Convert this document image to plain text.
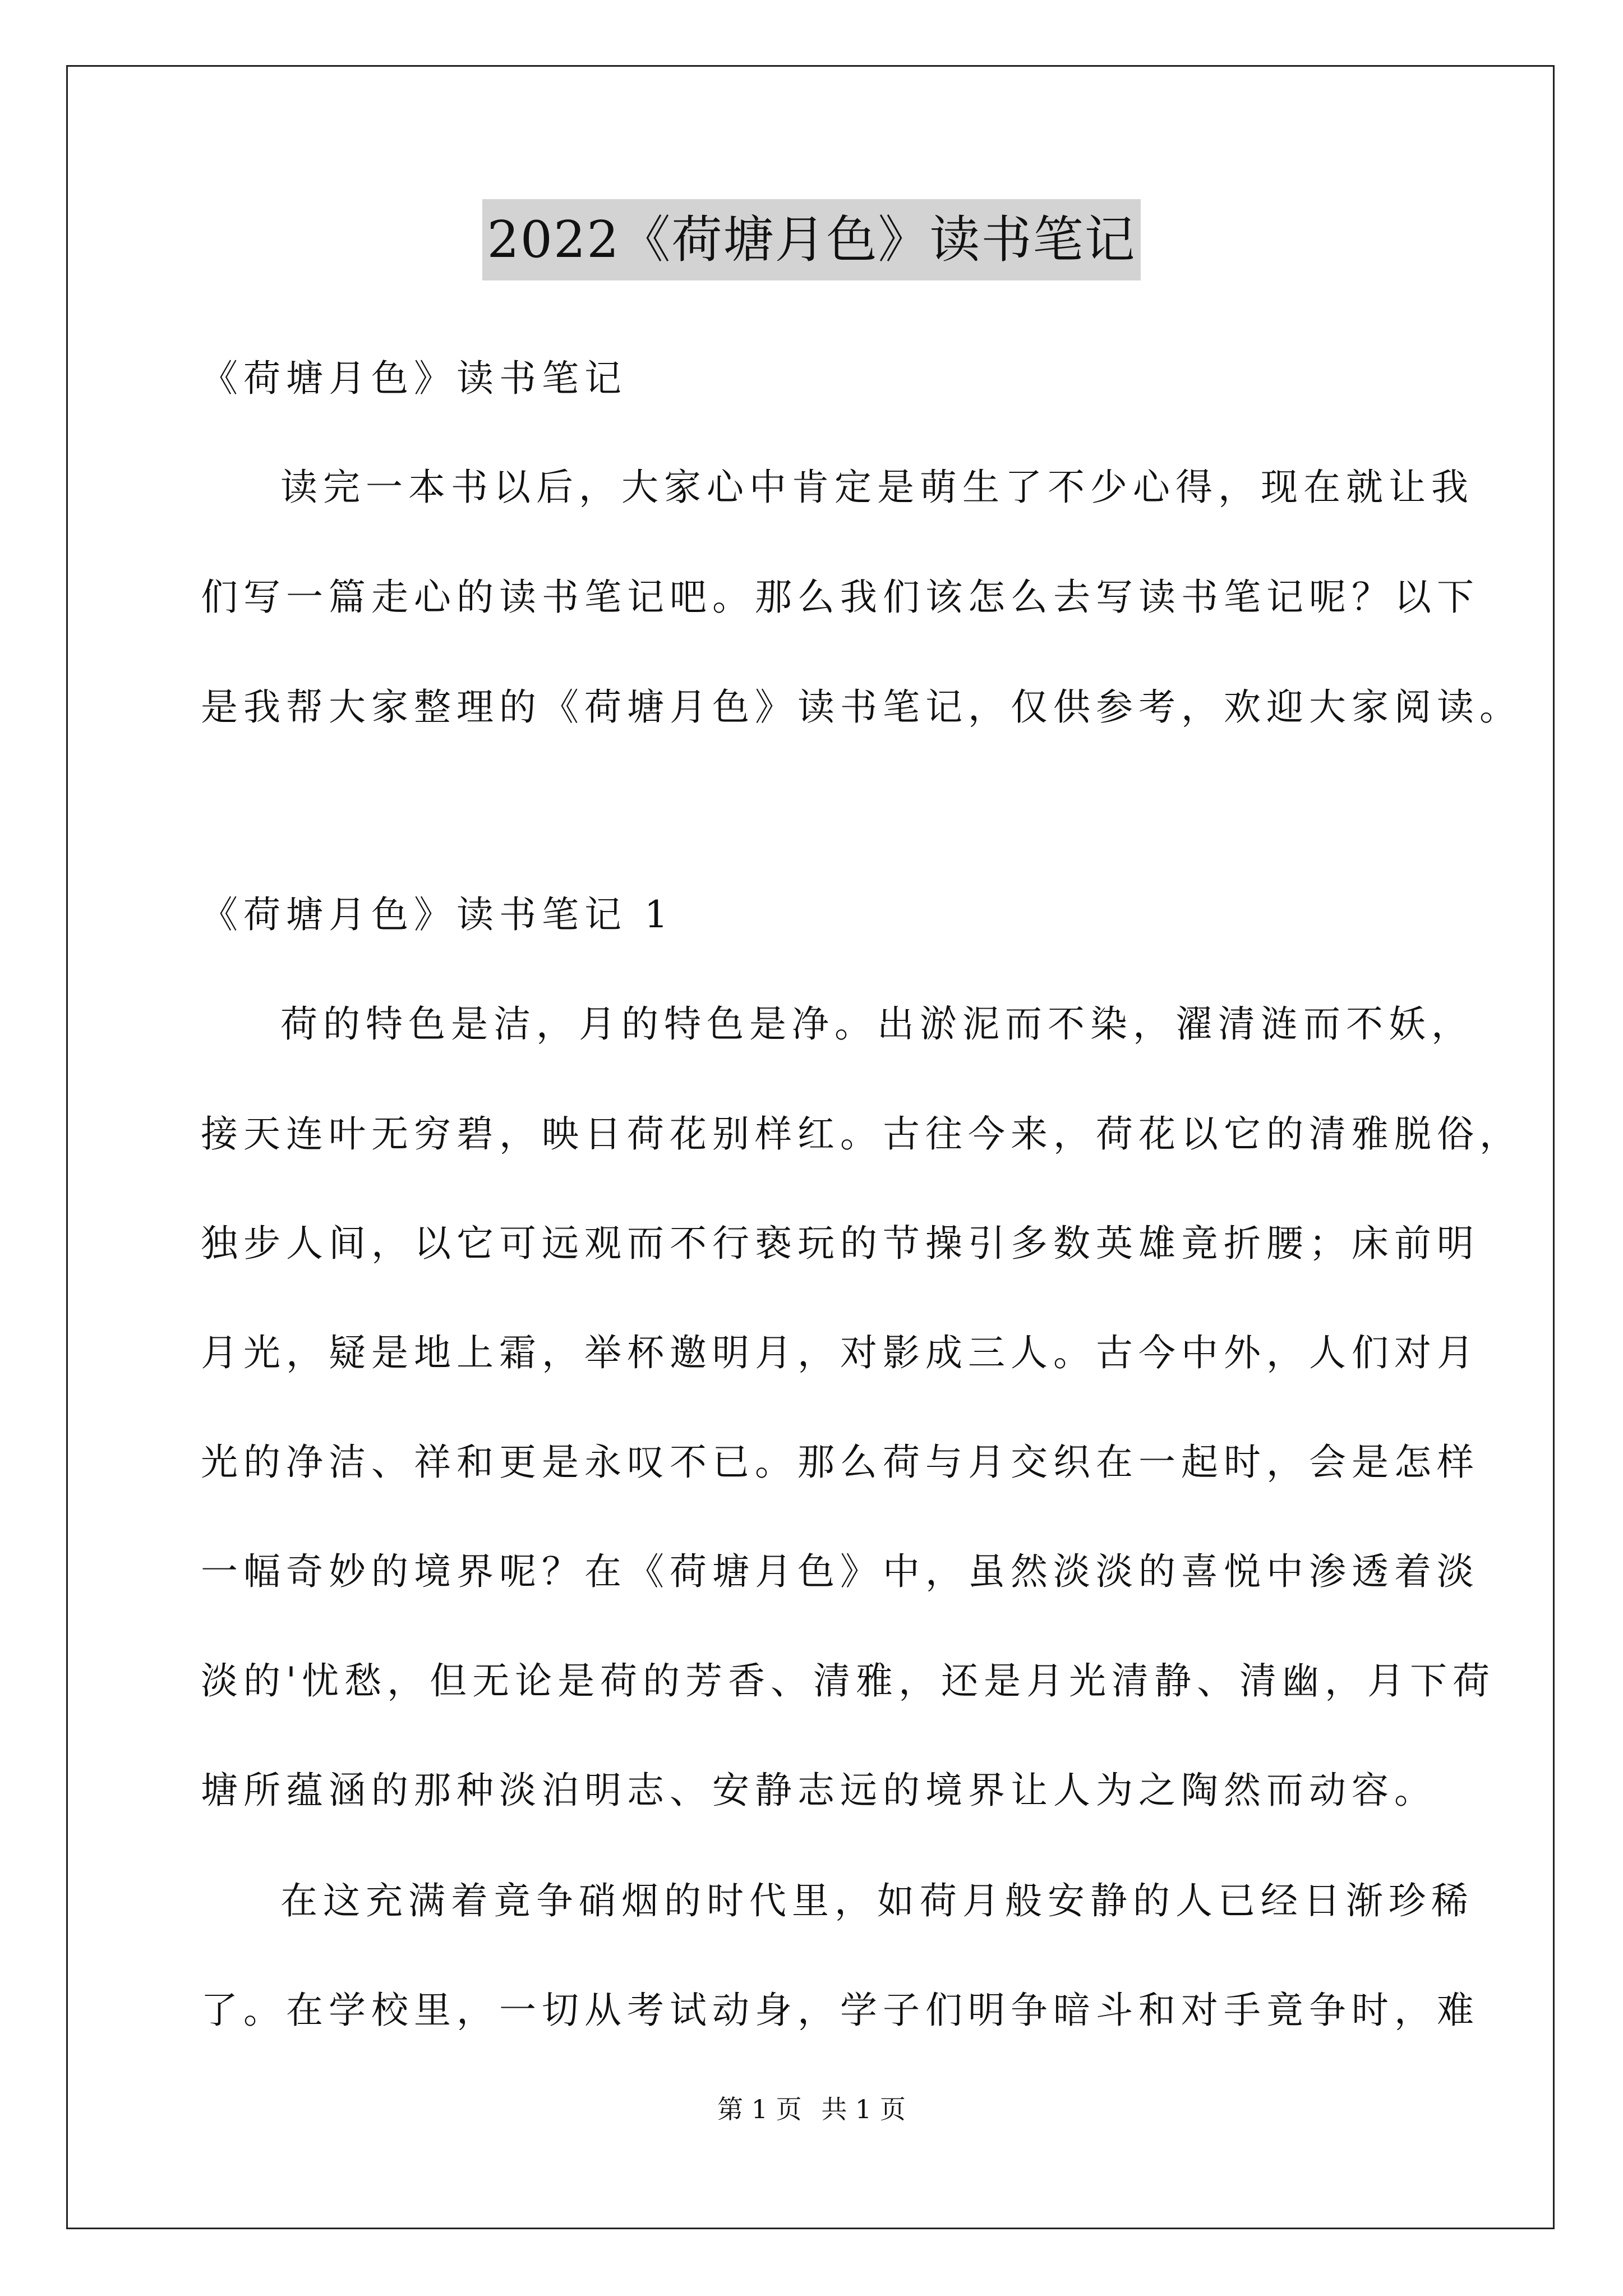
2022《荷塘月色》读书笔记
《荷塘月色》读书笔记
读完一本书以后，大家心中肯定是萌生了不少心得，现在就让我
们写一篇走心的读书笔记吧。那么我们该怎么去写读书笔记呢？以下
是我帮大家整理的《荷塘月色》读书笔记，仅供参考，欢迎大家阅读。
《荷塘月色》读书笔记 1
荷的特色是洁，月的特色是净。出淤泥而不染，濯清涟而不妖，
接天连叶无穷碧，映日荷花别样红。古往今来，荷花以它的清雅脱俗，
独步人间，以它可远观而不行亵玩的节操引多数英雄竟折腰；床前明
月光，疑是地上霜，举杯邀明月，对影成三人。古今中外，人们对月
光的净洁、祥和更是永叹不已。那么荷与月交织在一起时，会是怎样
一幅奇妙的境界呢？在《荷塘月色》中，虽然淡淡的喜悦中渗透着淡
淡的'忧愁，但无论是荷的芳香、清雅，还是月光清静、清幽，月下荷
塘所蕴涵的那种淡泊明志、安静志远的境界让人为之陶然而动容。
在这充满着竟争硝烟的时代里，如荷月般安静的人已经日渐珍稀
了。在学校里，一切从考试动身，学子们明争暗斗和对手竟争时，难
第 1 页 共 1 页
